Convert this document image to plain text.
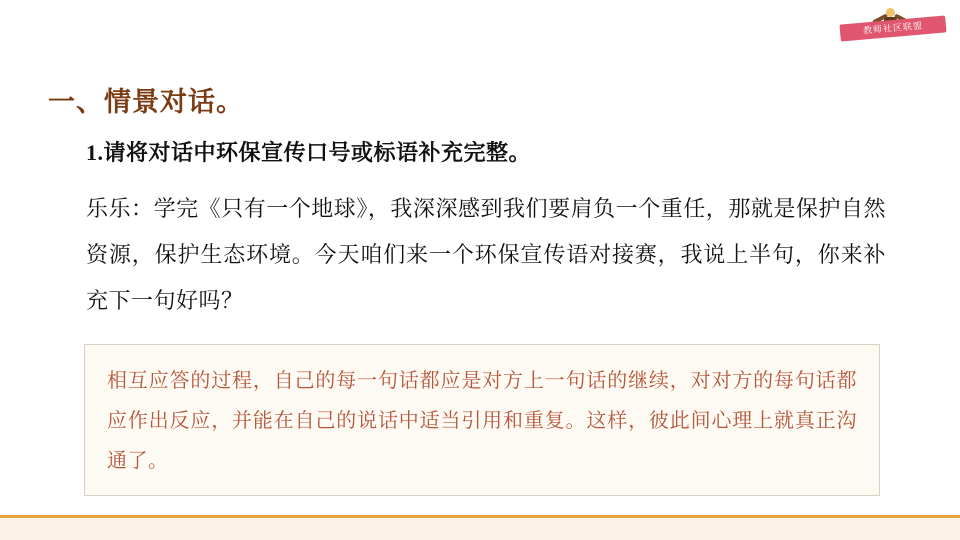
教师社区联盟
一、情景对话。
1.请将对话中环保宣传口号或标语补充完整。
乐乐：学完《只有一个地球》，我深深感到我们要肩负一个重任，那就是保护自然资源，保护生态环境。今天咱们来一个环保宣传语对接赛，我说上半句，你来补充下一句好吗？
相互应答的过程，自己的每一句话都应是对方上一句话的继续，对对方的每句话都应作出反应，并能在自己的说话中适当引用和重复。这样，彼此间心理上就真正沟通了。
